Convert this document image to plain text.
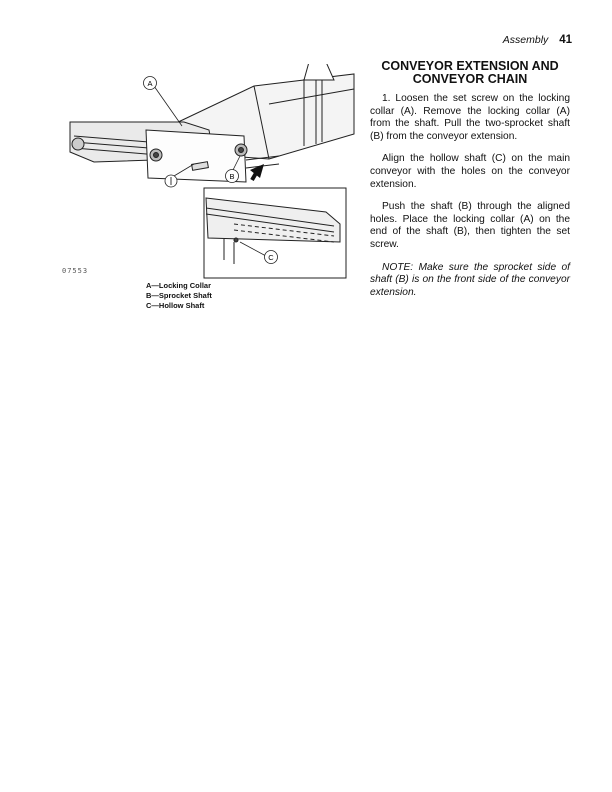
Assembly 41
A
B
C
07553
A—Locking Collar
B—Sprocket Shaft
C—Hollow Shaft
CONVEYOR EXTENSION AND CONVEYOR CHAIN

1. Loosen the set screw on the locking collar (A). Remove the locking collar (A) from the shaft. Pull the two-sprocket shaft (B) from the conveyor extension.

Align the hollow shaft (C) on the main conveyor with the holes on the conveyor extension.

Push the shaft (B) through the aligned holes. Place the locking collar (A) on the end of the shaft (B), then tighten the set screw.

NOTE: Make sure the sprocket side of shaft (B) is on the front side of the conveyor extension.
